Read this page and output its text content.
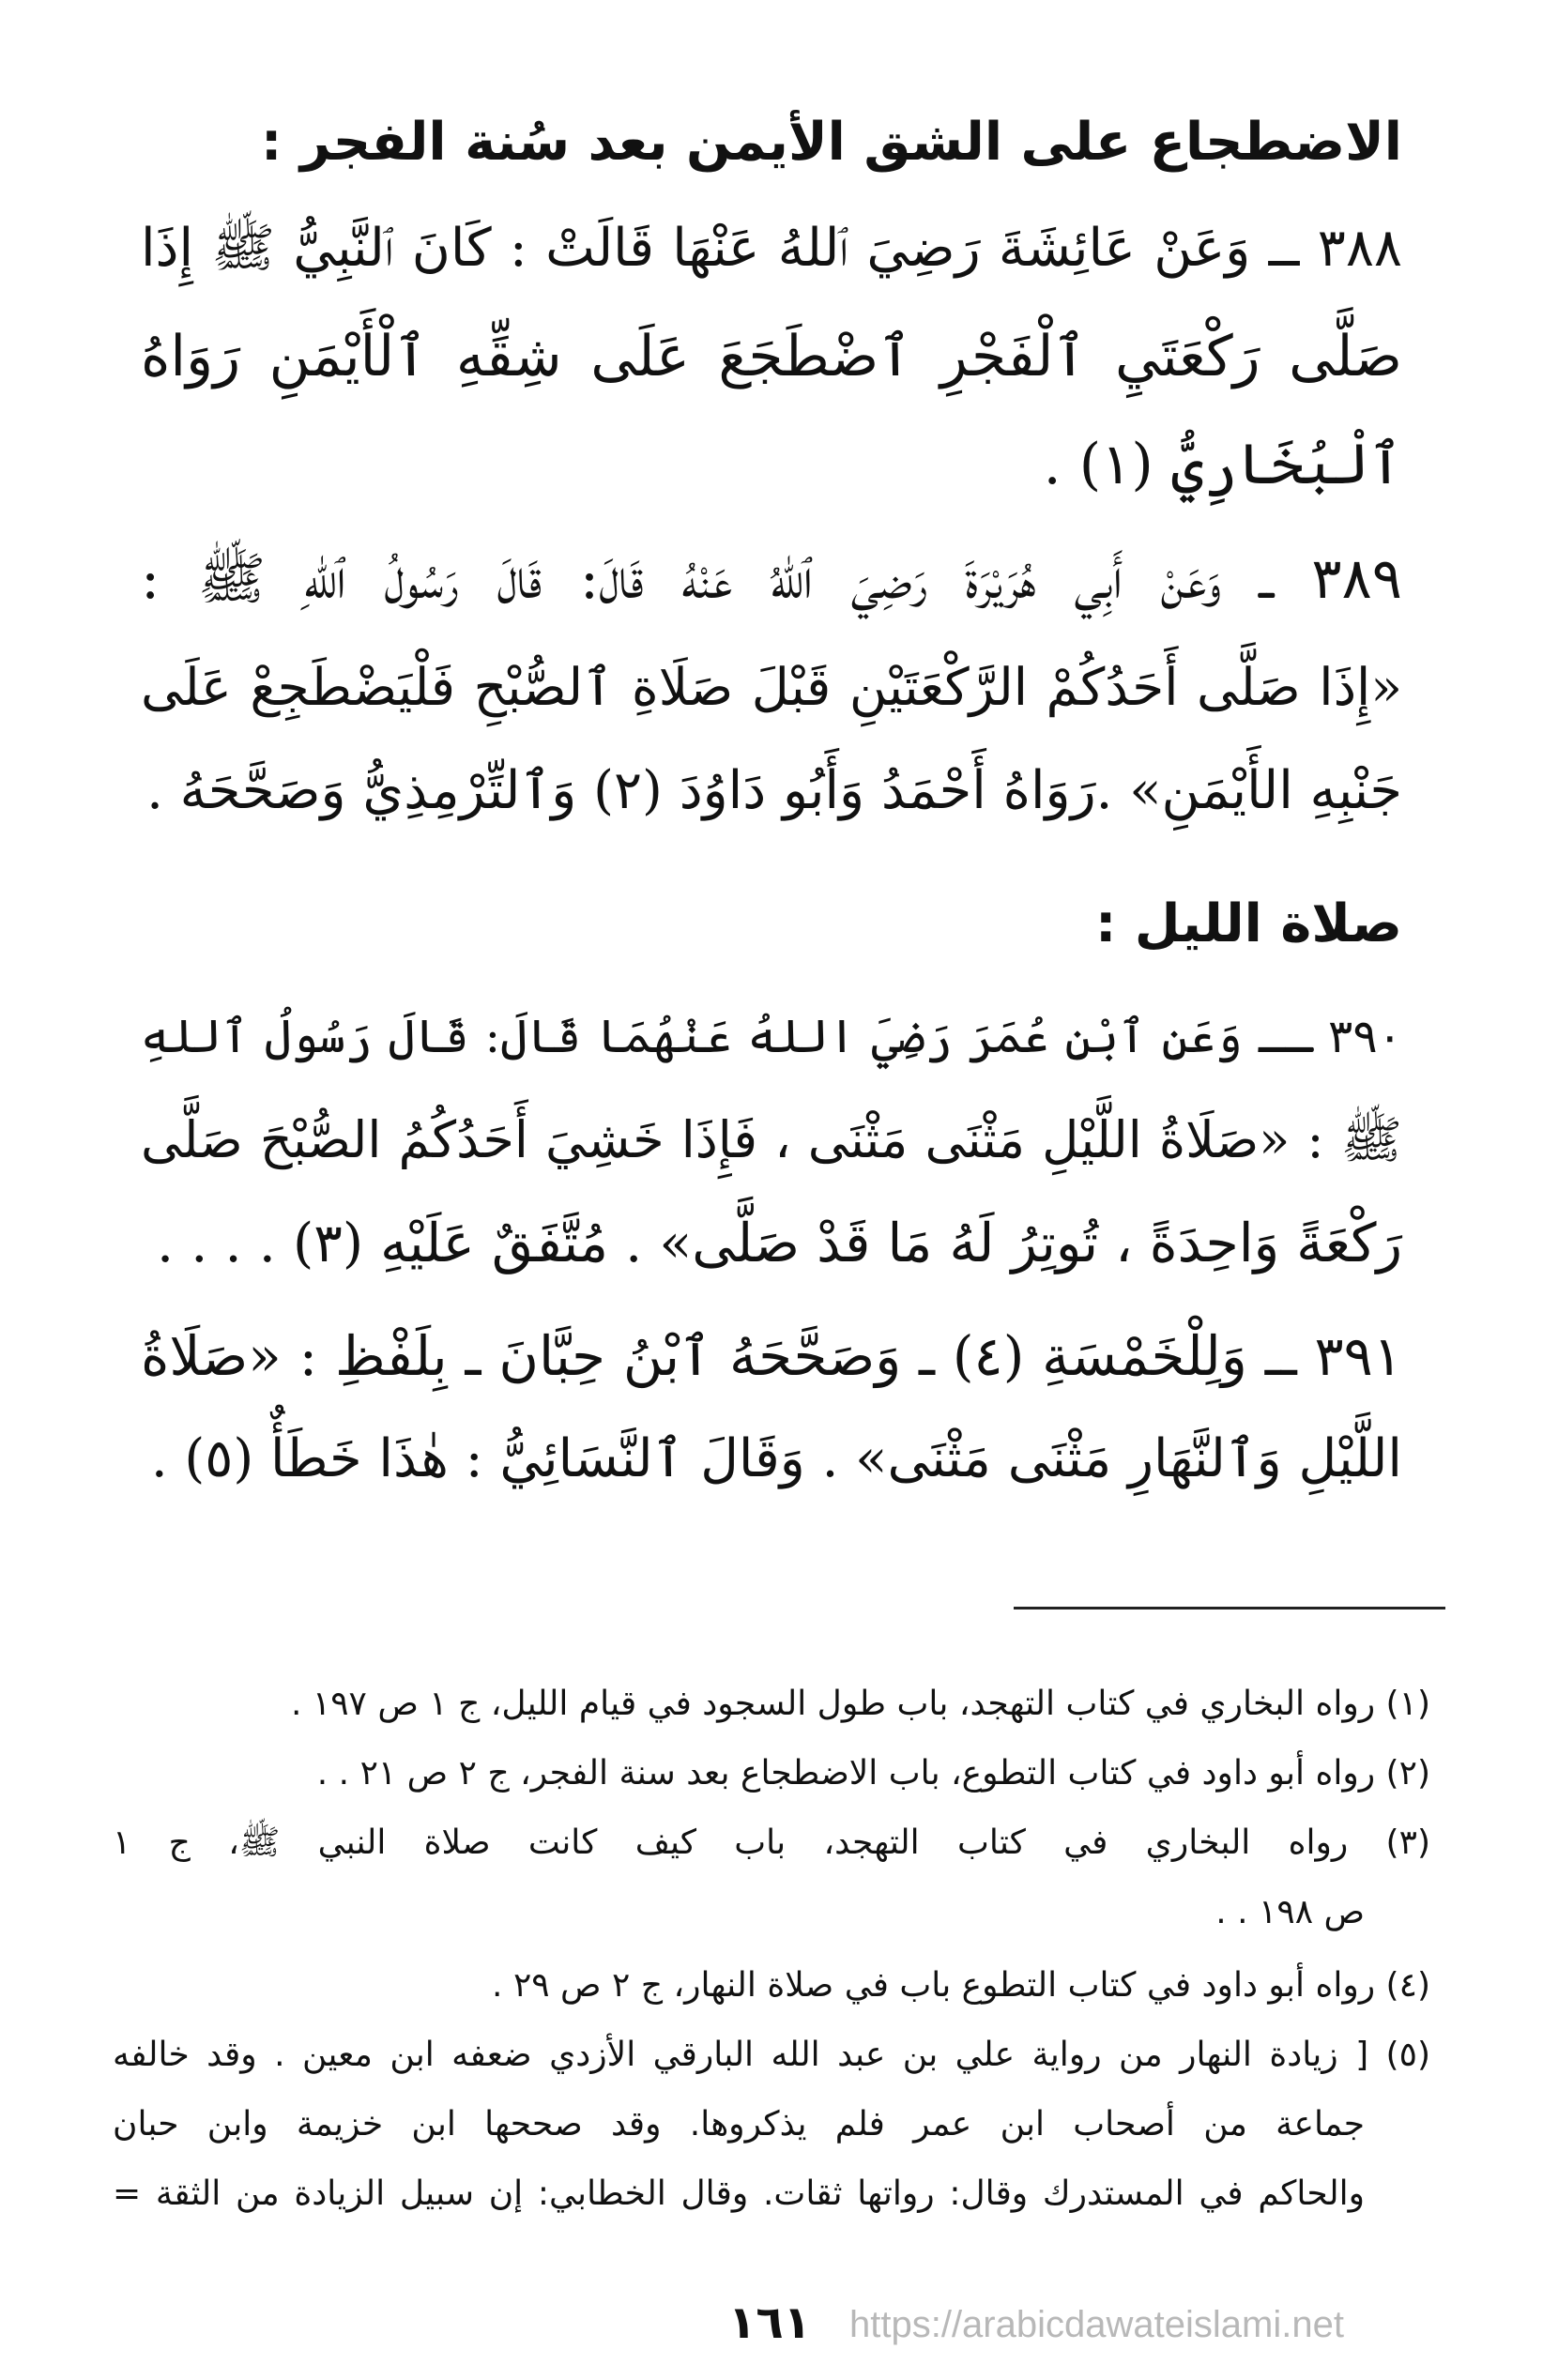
الاضطجاع على الشق الأيمن بعد سُنة الفجر :
٣٨٨ ــ وَعَنْ عَائِشَةَ رَضِيَ ٱللهُ عَنْهَا قَالَتْ : كَانَ ٱلنَّبِيُّ ﷺ إِذَا
صَلَّى رَكْعَتَيِ ٱلْفَجْرِ ٱضْطَجَعَ عَلَى شِقِّهِ ٱلْأَيْمَنِ رَوَاهُ
ٱلْبُخَارِيُّ (١) .
٣٨٩ ــ وَعَنْ أَبِي هُرَيْرَةَ رَضِيَ ٱللهُ عَنْهُ قَالَ: قَالَ رَسُولُ ٱللهِ ﷺ :
«إِذَا صَلَّى أَحَدُكُمْ الرَّكْعَتَيْنِ قَبْلَ صَلَاةِ ٱلصُّبْحِ فَلْيَضْطَجِعْ عَلَى
جَنْبِهِ الأَيْمَنِ» .رَوَاهُ أَحْمَدُ وَأَبُو دَاوُدَ (٢) وَٱلتِّرْمِذِيُّ وَصَحَّحَهُ .
صلاة الليل :
٣٩٠ ــ وَعَنِ ٱبْنِ عُمَرَ رَضِيَ اللهُ عَنْهُمَا قَالَ: قَالَ رَسُولُ ٱللهِ
ﷺ : «صَلَاةُ اللَّيْلِ مَثْنَى مَثْنَى ، فَإِذَا خَشِيَ أَحَدُكُمُ الصُّبْحَ صَلَّى
رَكْعَةً وَاحِدَةً ، تُوتِرُ لَهُ مَا قَدْ صَلَّى» . مُتَّفَقٌ عَلَيْهِ (٣) . . . .
٣٩١ ــ وَلِلْخَمْسَةِ (٤) ـ وَصَحَّحَهُ ٱبْنُ حِبَّانَ ـ بِلَفْظِ : «صَلَاةُ
اللَّيْلِ وَٱلنَّهَارِ مَثْنَى مَثْنَى» . وَقَالَ ٱلنَّسَائِيُّ : هٰذَا خَطَأٌ (٥) .
(١) رواه البخاري في كتاب التهجد، باب طول السجود في قيام الليل، ج ١ ص ١٩٧ .
(٢) رواه أبو داود في كتاب التطوع، باب الاضطجاع بعد سنة الفجر، ج ٢ ص ٢١ . .
(٣) رواه البخاري في كتاب التهجد، باب كيف كانت صلاة النبي ﷺ، ج ١
ص ١٩٨ . .
(٤) رواه أبو داود في كتاب التطوع باب في صلاة النهار، ج ٢ ص ٢٩ .
(٥) [ زيادة النهار من رواية علي بن عبد الله البارقي الأزدي ضعفه ابن معين . وقد خالفه
جماعة من أصحاب ابن عمر فلم يذكروها. وقد صححها ابن خزيمة وابن حبان
والحاكم في المستدرك وقال: رواتها ثقات. وقال الخطابي: إن سبيل الزيادة من الثقة =
١٦١	https://arabicdawateislami.net
